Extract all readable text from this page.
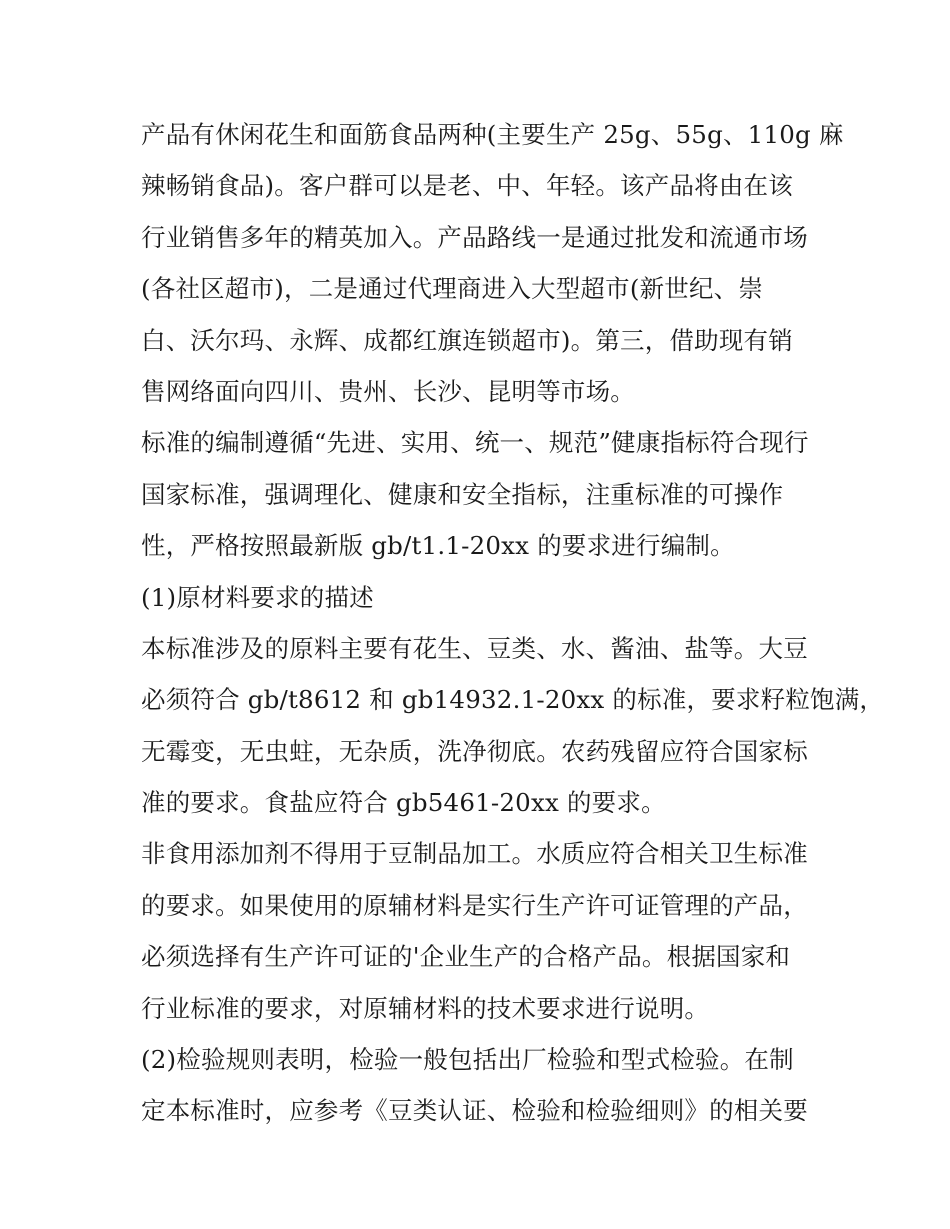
产品有休闲花生和面筋食品两种(主要生产 25g、55g、110g 麻
辣畅销食品)。客户群可以是老、中、年轻。该产品将由在该
行业销售多年的精英加入。产品路线一是通过批发和流通市场
(各社区超市)，二是通过代理商进入大型超市(新世纪、崇
白、沃尔玛、永辉、成都红旗连锁超市)。第三，借助现有销
售网络面向四川、贵州、长沙、昆明等市场。
标准的编制遵循“先进、实用、统一、规范”健康指标符合现行
国家标准，强调理化、健康和安全指标，注重标准的可操作
性，严格按照最新版 gb/t1.1-20xx 的要求进行编制。
(1)原材料要求的描述
本标准涉及的原料主要有花生、豆类、水、酱油、盐等。大豆
必须符合 gb/t8612 和 gb14932.1-20xx 的标准，要求籽粒饱满，
无霉变，无虫蛀，无杂质，洗净彻底。农药残留应符合国家标
准的要求。食盐应符合 gb5461-20xx 的要求。
非食用添加剂不得用于豆制品加工。水质应符合相关卫生标准
的要求。如果使用的原辅材料是实行生产许可证管理的产品，
必须选择有生产许可证的'企业生产的合格产品。根据国家和
行业标准的要求，对原辅材料的技术要求进行说明。
(2)检验规则表明，检验一般包括出厂检验和型式检验。在制
定本标准时，应参考《豆类认证、检验和检验细则》的相关要
